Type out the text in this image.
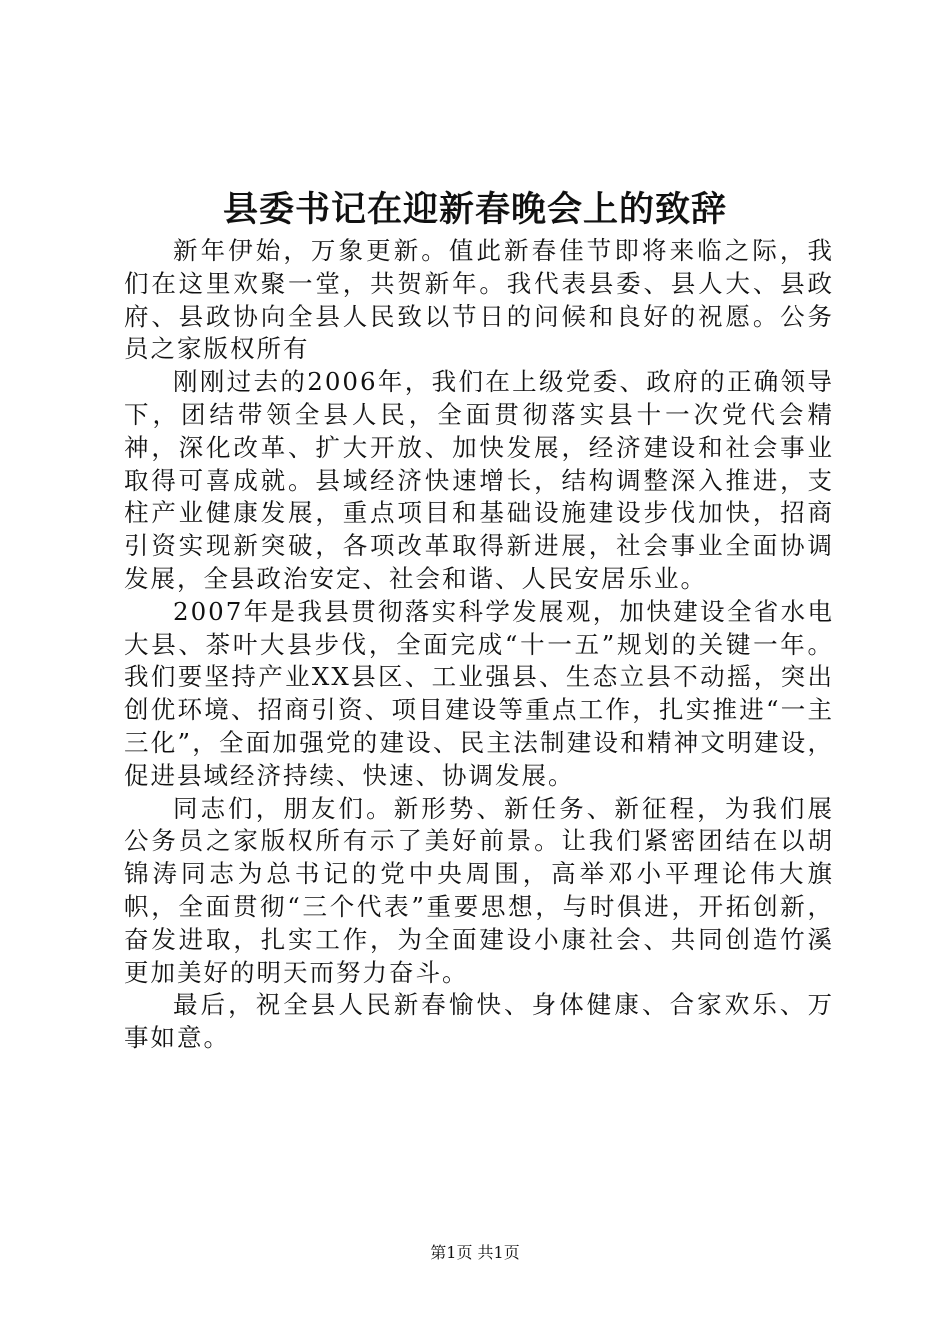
县委书记在迎新春晚会上的致辞

新年伊始，万象更新。值此新春佳节即将来临之际，我们在这里欢聚一堂，共贺新年。我代表县委、县人大、县政府、县政协向全县人民致以节日的问候和良好的祝愿。公务员之家版权所有

刚刚过去的2006年，我们在上级党委、政府的正确领导下，团结带领全县人民，全面贯彻落实县十一次党代会精神，深化改革、扩大开放、加快发展，经济建设和社会事业取得可喜成就。县域经济快速增长，结构调整深入推进，支柱产业健康发展，重点项目和基础设施建设步伐加快，招商引资实现新突破，各项改革取得新进展，社会事业全面协调发展，全县政治安定、社会和谐、人民安居乐业。

2007年是我县贯彻落实科学发展观，加快建设全省水电大县、茶叶大县步伐，全面完成“十一五”规划的关键一年。我们要坚持产业XX县区、工业强县、生态立县不动摇，突出创优环境、招商引资、项目建设等重点工作，扎实推进“一主三化”，全面加强党的建设、民主法制建设和精神文明建设，促进县域经济持续、快速、协调发展。

同志们，朋友们。新形势、新任务、新征程，为我们展公务员之家版权所有示了美好前景。让我们紧密团结在以胡锦涛同志为总书记的党中央周围，高举邓小平理论伟大旗帜，全面贯彻“三个代表”重要思想，与时俱进，开拓创新，奋发进取，扎实工作，为全面建设小康社会、共同创造竹溪更加美好的明天而努力奋斗。

最后，祝全县人民新春愉快、身体健康、合家欢乐、万事如意。

第1页 共1页
